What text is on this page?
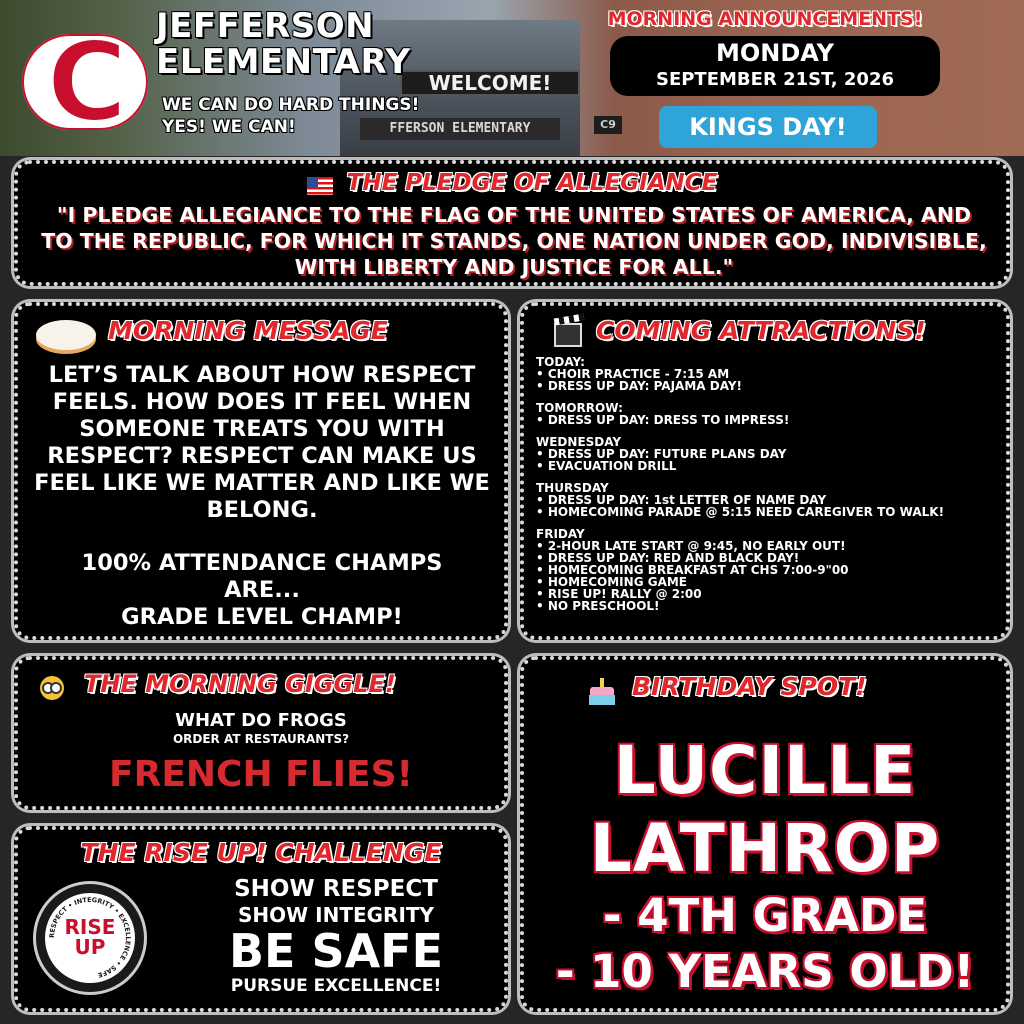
WELCOME!
FFERSON ELEMENTARY	C9
C JEFFERSON
ELEMENTARY
WE CAN DO HARD THINGS!
YES! WE CAN!
MORNING ANNOUNCEMENTS!
MONDAY
SEPTEMBER 21ST, 2026
KINGS DAY!
THE PLEDGE OF ALLEGIANCE
"I PLEDGE ALLEGIANCE TO THE FLAG OF THE UNITED STATES OF AMERICA, AND TO THE REPUBLIC, FOR WHICH IT STANDS, ONE NATION UNDER GOD, INDIVISIBLE, WITH LIBERTY AND JUSTICE FOR ALL."
MORNING MESSAGE
LET’S TALK ABOUT HOW RESPECT FEELS. HOW DOES IT FEEL WHEN SOMEONE TREATS YOU WITH RESPECT? RESPECT CAN MAKE US FEEL LIKE WE MATTER AND LIKE WE BELONG.
100% ATTENDANCE CHAMPS
ARE...
GRADE LEVEL CHAMP!
COMING ATTRACTIONS!
TODAY:
• CHOIR PRACTICE - 7:15 AM
• DRESS UP DAY: PAJAMA DAY!
TOMORROW:
• DRESS UP DAY: DRESS TO IMPRESS!
WEDNESDAY
• DRESS UP DAY: FUTURE PLANS DAY
• EVACUATION DRILL
THURSDAY
• DRESS UP DAY: 1st LETTER OF NAME DAY
• HOMECOMING PARADE @ 5:15 NEED CAREGIVER TO WALK!
FRIDAY
• 2-HOUR LATE START @ 9:45, NO EARLY OUT!
• DRESS UP DAY: RED AND BLACK DAY!
• HOMECOMING BREAKFAST AT CHS 7:00-9"00
• HOMECOMING GAME
• RISE UP! RALLY @ 2:00
• NO PRESCHOOL!
THE MORNING GIGGLE!
WHAT DO FROGS
ORDER AT RESTAURANTS?
FRENCH FLIES!
THE RISE UP! CHALLENGE
RESPECT • INTEGRITY • EXCELLENCE • SAFE
RISE
UP
SHOW RESPECT
SHOW INTEGRITY
BE SAFE
PURSUE EXCELLENCE!
BIRTHDAY SPOT!
LUCILLE
LATHROP
- 4TH GRADE
- 10 YEARS OLD!
